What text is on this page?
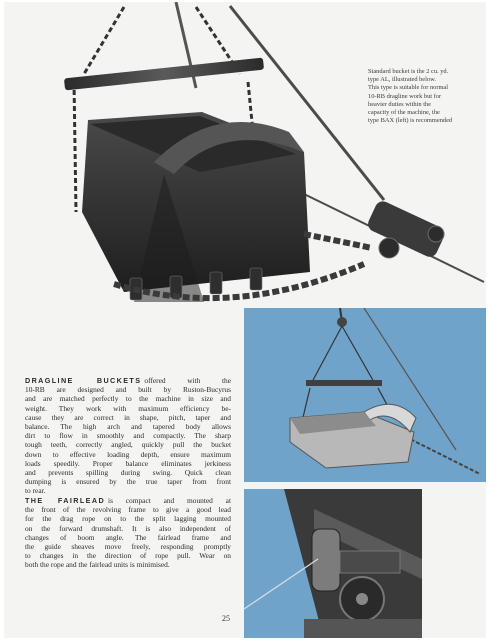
Standard bucket is the 2 cu. yd.
type AL, illustrated below.
This type is suitable for normal
10-RB dragline work but for
heavier duties within the
capacity of the machine, the
type BAX (left) is recommended
DRAGLINE BUCKETS offered with the
10-RB are designed and built by Ruston-Bucyrus
and are matched perfectly to the machine in size and
weight. They work with maximum efficiency be-
cause they are correct in shape, pitch, taper and
balance. The high arch and tapered body allows
dirt to flow in smoothly and compactly. The sharp
tough teeth, correctly angled, quickly pull the bucket
down to effective loading depth, ensure maximum
loads speedily. Proper balance eliminates jerkiness
and prevents spilling during swing. Quick clean
dumping is ensured by the true taper from front
to rear.
THE FAIRLEAD is compact and mounted at
the front of the revolving frame to give a good lead
for the drag rope on to the split lagging mounted
on the forward drumshaft. It is also independent of
changes of boom angle. The fairlead frame and
the guide sheaves move freely, responding promptly
to changes in the direction of rope pull. Wear on
both the rope and the fairlead units is minimised.
25
